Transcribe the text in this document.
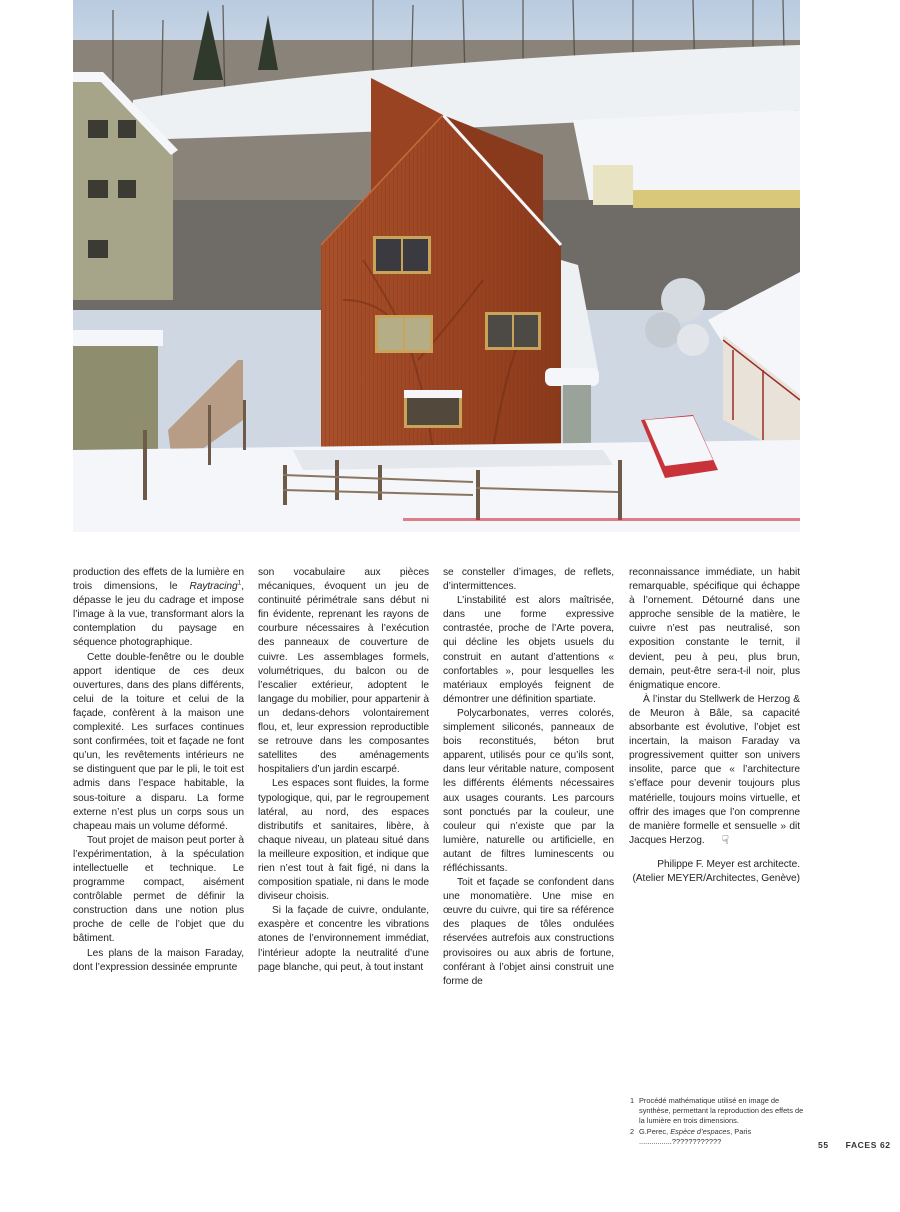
production des effets de la lumière en trois dimensions, le Raytracing$^1$, dépasse le jeu du cadrage et impose l’image à la vue, transformant alors la contemplation du paysage en séquence photographique.

Cette double-fenêtre ou le double apport identique de ces deux ouvertures, dans des plans différents, celui de la toiture et celui de la façade, confèrent à la maison une complexité. Les surfaces continues sont confirmées, toit et façade ne font qu’un, les revêtements intérieurs ne se distinguent que par le pli, le toit est admis dans l’espace habitable, la sous-toiture a disparu. La forme externe n’est plus un corps sous un chapeau mais un volume déformé.

Tout projet de maison peut porter à l’expérimentation, à la spéculation intellectuelle et technique. Le programme compact, aisément contrôlable permet de définir la construction dans une notion plus proche de celle de l’objet que du bâtiment.

Les plans de la maison Faraday, dont l’expression dessinée emprunte

son vocabulaire aux pièces mécaniques, évoquent un jeu de continuité périmétrale sans début ni fin évidente, reprenant les rayons de courbure nécessaires à l’exécution des panneaux de couverture de cuivre. Les assemblages formels, volumétriques, du balcon ou de l’escalier extérieur, adoptent le langage du mobilier, pour appartenir à un dedans-dehors volontairement flou, et, leur expression reproductible se retrouve dans les composantes satellites des aménagements hospitaliers d’un jardin escarpé.

Les espaces sont fluides, la forme typologique, qui, par le regroupement latéral, au nord, des espaces distributifs et sanitaires, libère, à chaque niveau, un plateau situé dans la meilleure exposition, et indique que rien n’est tout à fait figé, ni dans la composition spatiale, ni dans le mode diviseur choisis.

Si la façade de cuivre, ondulante, exaspère et concentre les vibrations atones de l’environnement immédiat, l’intérieur adopte la neutralité d’une page blanche, qui peut, à tout instant

se consteller d’images, de reflets, d’intermittences.

L’instabilité est alors maîtrisée, dans une forme expressive contrastée, proche de l’Arte povera, qui décline les objets usuels du construit en autant d’attentions « confortables », pour lesquelles les matériaux employés feignent de démontrer une définition spartiate.

Polycarbonates, verres colorés, simplement siliconés, panneaux de bois reconstitués, béton brut apparent, utilisés pour ce qu’ils sont, dans leur véritable nature, composent les différents éléments nécessaires aux usages courants. Les parcours sont ponctués par la couleur, une couleur qui n’existe que par la lumière, naturelle ou artificielle, en autant de filtres luminescents ou réfléchissants.

Toit et façade se confondent dans une monomatière. Une mise en œuvre du cuivre, qui tire sa référence des plaques de tôles ondulées réservées autrefois aux constructions provisoires ou aux abris de fortune, conférant à l’objet ainsi construit une forme de

reconnaissance immédiate, un habit remarquable, spécifique qui échappe à l’ornement. Détourné dans une approche sensible de la matière, le cuivre n’est pas neutralisé, son exposition constante le ternit, il devient, peu à peu, plus brun, demain, peut-être sera-t-il noir, plus énigmatique encore.

À l’instar du Stellwerk de Herzog & de Meuron à Bâle, sa capacité absorbante est évolutive, l’objet est incertain, la maison Faraday va progressivement quitter son univers insolite, parce que « l’architecture s’efface pour devenir toujours plus matérielle, toujours moins virtuelle, et offrir des images que l’on comprenne de manière formelle et sensuelle » dit Jacques Herzog. ☟

Philippe F. Meyer est architecte.
(Atelier MEYER/Architectes, Genève)

1 Procédé mathématique utilisé en image de synthèse, permettant la reproduction des effets de la lumière en trois dimensions.
2 G.Perec, Espèce d’espaces, Paris
................????????????	55 FACES 62
